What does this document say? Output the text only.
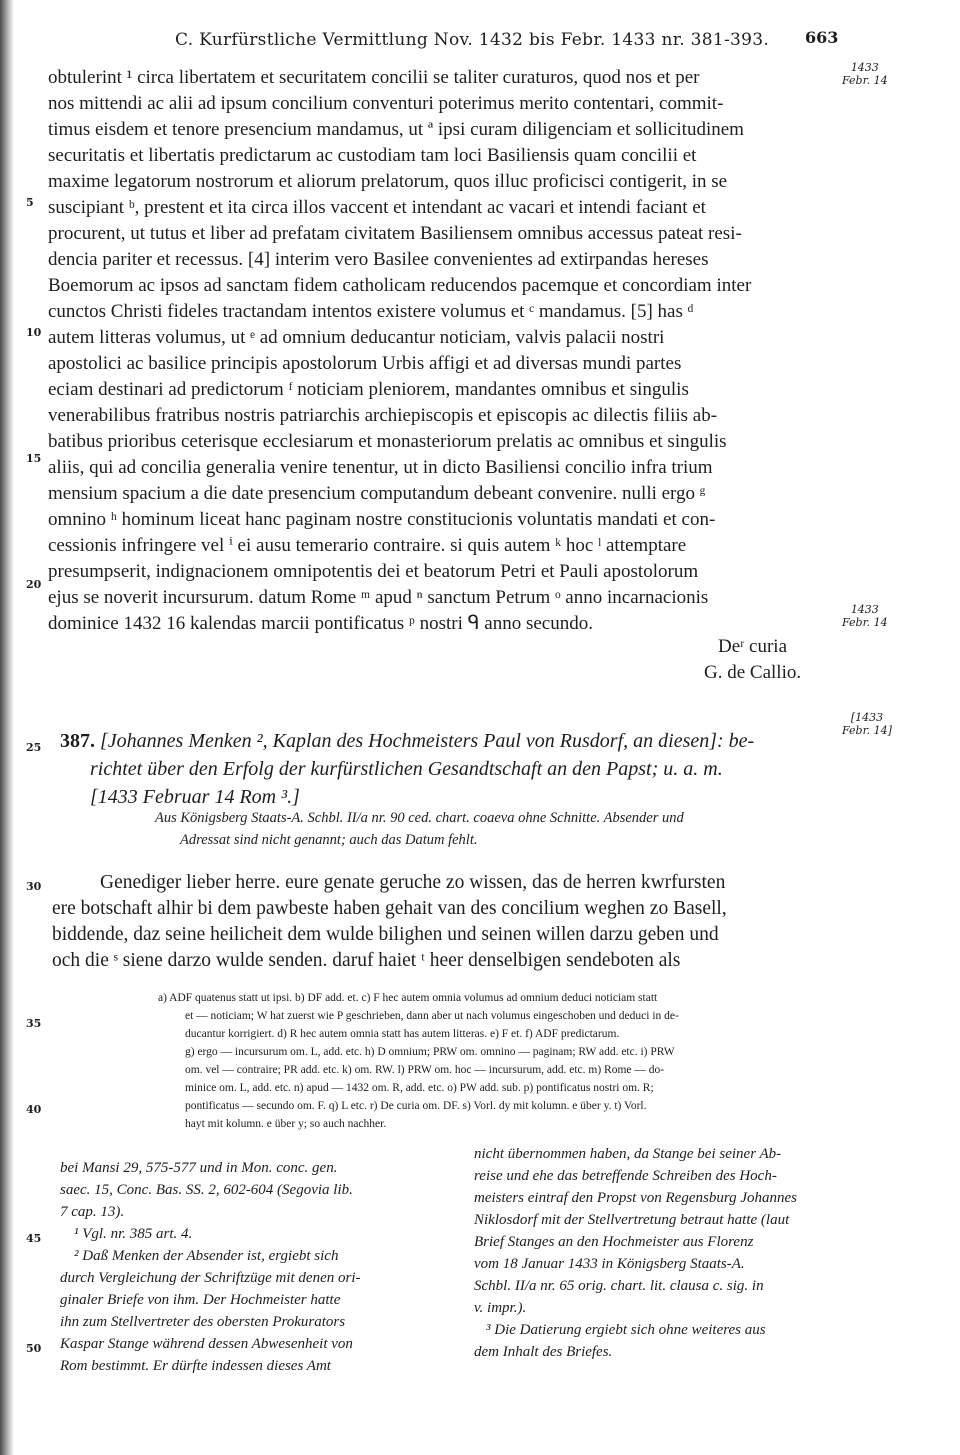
C. Kurfürstliche Vermittlung Nov. 1432 bis Febr. 1433 nr. 381-393. 663
1433
Febr. 14
1433
Febr. 14
[1433
Febr. 14]
5
10
15
20
25
30
35
40
45
50
obtulerint ¹ circa libertatem et securitatem concilii se taliter curaturos, quod nos et per
nos mittendi ac alii ad ipsum concilium conventuri poterimus merito contentari, commit-
timus eisdem et tenore presencium mandamus, ut ª ipsi curam diligenciam et sollicitudinem
securitatis et libertatis predictarum ac custodiam tam loci Basiliensis quam concilii et
maxime legatorum nostrorum et aliorum prelatorum, quos illuc proficisci contigerit, in se
suscipiant ᵇ, prestent et ita circa illos vaccent et intendant ac vacari et intendi faciant et
procurent, ut tutus et liber ad prefatam civitatem Basiliensem omnibus accessus pateat resi-
dencia pariter et recessus. [4] interim vero Basilee convenientes ad extirpandas hereses
Boemorum ac ipsos ad sanctam fidem catholicam reducendos pacemque et concordiam inter
cunctos Christi fideles tractandam intentos existere volumus et ᶜ mandamus. [5] has ᵈ
autem litteras volumus, ut ᵉ ad omnium deducantur noticiam, valvis palacii nostri
apostolici ac basilice principis apostolorum Urbis affigi et ad diversas mundi partes
eciam destinari ad predictorum ᶠ noticiam pleniorem, mandantes omnibus et singulis
venerabilibus fratribus nostris patriarchis archiepiscopis et episcopis ac dilectis filiis ab-
batibus prioribus ceterisque ecclesiarum et monasteriorum prelatis ac omnibus et singulis
aliis, qui ad concilia generalia venire tenentur, ut in dicto Basiliensi concilio infra trium
mensium spacium a die date presencium computandum debeant convenire. nulli ergo ᵍ
omnino ʰ hominum liceat hanc paginam nostre constitucionis voluntatis mandati et con-
cessionis infringere vel ⁱ ei ausu temerario contraire. si quis autem ᵏ hoc ˡ attemptare
presumpserit, indignacionem omnipotentis dei et beatorum Petri et Pauli apostolorum
ejus se noverit incursurum. datum Rome ᵐ apud ⁿ sanctum Petrum ᵒ anno incarnacionis
dominice 1432 16 kalendas marcii pontificatus ᵖ nostri ᑫ anno secundo.
Deʳ curia
G. de Callio.
387. [Johannes Menken ², Kaplan des Hochmeisters Paul von Rusdorf, an diesen]: be-
richtet über den Erfolg der kurfürstlichen Gesandtschaft an den Papst; u. a. m.
[1433 Februar 14 Rom ³.]
Aus Königsberg Staats-A. Schbl. II/a nr. 90 ced. chart. coaeva ohne Schnitte. Absender und
Adressat sind nicht genannt; auch das Datum fehlt.
Genediger lieber herre. eure genate geruche zo wissen, das de herren kwrfursten
ere botschaft alhir bi dem pawbeste haben gehait van des concilium weghen zo Basell,
biddende, daz seine heilicheit dem wulde bilighen und seinen willen darzu geben und
och die ˢ siene darzo wulde senden. daruf haiet ᵗ heer denselbigen sendeboten als
a) ADF quatenus statt ut ipsi. b) DF add. et. c) F hec autem omnia volumus ad omnium deduci noticiam statt
et — noticiam; W hat zuerst wie P geschrieben, dann aber ut nach volumus eingeschoben und deduci in de-
ducantur korrigiert. d) R hec autem omnia statt has autem litteras. e) F et. f) ADF predictarum.
g) ergo — incursurum om. L, add. etc. h) D omnium; PRW om. omnino — paginam; RW add. etc. i) PRW
om. vel — contraire; PR add. etc. k) om. RW. l) PRW om. hoc — incursurum, add. etc. m) Rome — do-
minice om. L, add. etc. n) apud — 1432 om. R, add. etc. o) PW add. sub. p) pontificatus nostri om. R;
pontificatus — secundo om. F. q) L etc. r) De curia om. DF. s) Vorl. dy mit kolumn. e über y. t) Vorl.
hayt mit kolumn. e über y; so auch nachher.
bei Mansi 29, 575-577 und in Mon. conc. gen.
saec. 15, Conc. Bas. SS. 2, 602-604 (Segovia lib.
7 cap. 13).
¹ Vgl. nr. 385 art. 4.
² Daß Menken der Absender ist, ergiebt sich
durch Vergleichung der Schriftzüge mit denen ori-
ginaler Briefe von ihm. Der Hochmeister hatte
ihn zum Stellvertreter des obersten Prokurators
Kaspar Stange während dessen Abwesenheit von
Rom bestimmt. Er dürfte indessen dieses Amt
nicht übernommen haben, da Stange bei seiner Ab-
reise und ehe das betreffende Schreiben des Hoch-
meisters eintraf den Propst von Regensburg Johannes
Niklosdorf mit der Stellvertretung betraut hatte (laut
Brief Stanges an den Hochmeister aus Florenz
vom 18 Januar 1433 in Königsberg Staats-A.
Schbl. II/a nr. 65 orig. chart. lit. clausa c. sig. in
v. impr.).
³ Die Datierung ergiebt sich ohne weiteres aus
dem Inhalt des Briefes.
